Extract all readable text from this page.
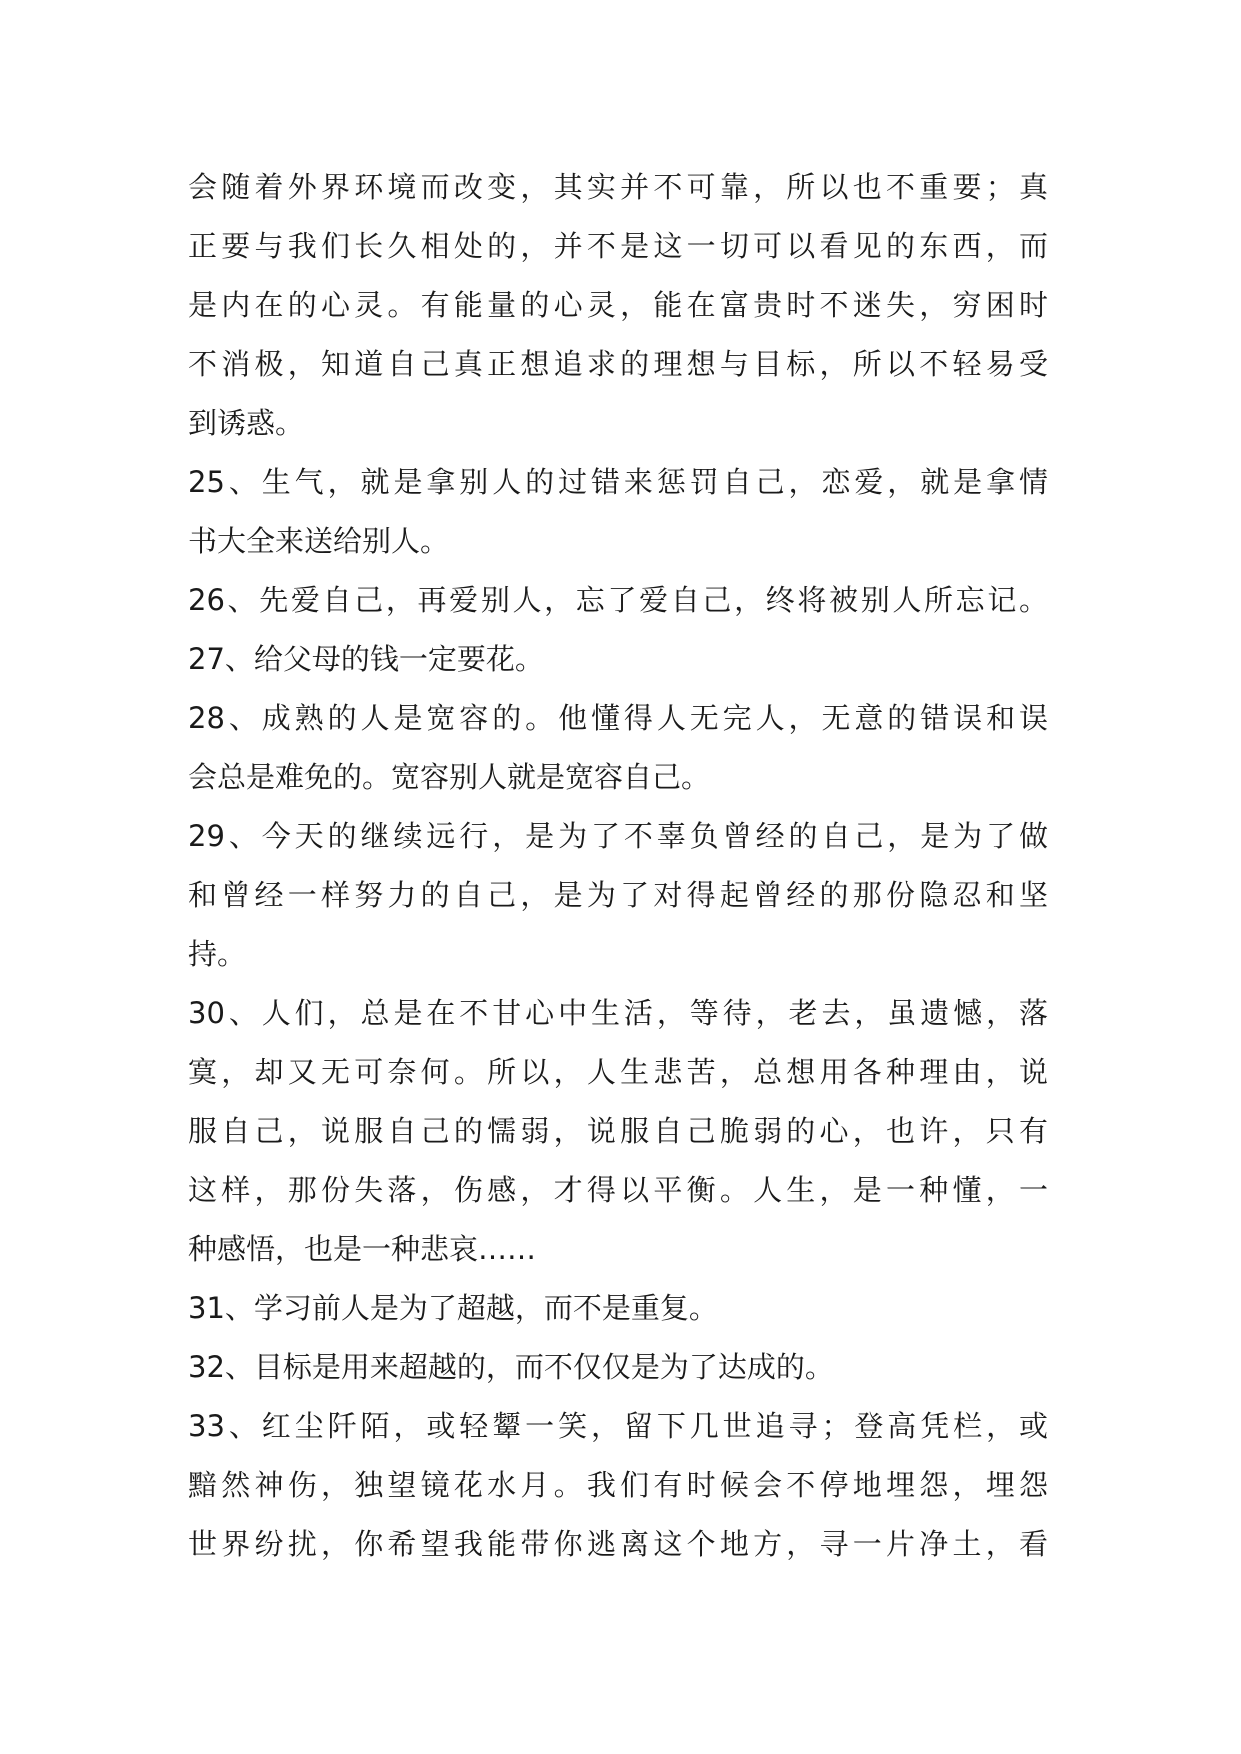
会随着外界环境而改变，其实并不可靠，所以也不重要；真
正要与我们长久相处的，并不是这一切可以看见的东西，而
是内在的心灵。有能量的心灵，能在富贵时不迷失，穷困时
不消极，知道自己真正想追求的理想与目标，所以不轻易受
到诱惑。
25、生气，就是拿别人的过错来惩罚自己，恋爱，就是拿情
书大全来送给别人。
26、先爱自己，再爱别人，忘了爱自己，终将被别人所忘记。
27、给父母的钱一定要花。
28、成熟的人是宽容的。他懂得人无完人，无意的错误和误
会总是难免的。宽容别人就是宽容自己。
29、今天的继续远行，是为了不辜负曾经的自己，是为了做
和曾经一样努力的自己，是为了对得起曾经的那份隐忍和坚
持。
30、人们，总是在不甘心中生活，等待，老去，虽遗憾，落
寞，却又无可奈何。所以，人生悲苦，总想用各种理由，说
服自己，说服自己的懦弱，说服自己脆弱的心，也许，只有
这样，那份失落，伤感，才得以平衡。人生，是一种懂，一
种感悟，也是一种悲哀……
31、学习前人是为了超越，而不是重复。
32、目标是用来超越的，而不仅仅是为了达成的。
33、红尘阡陌，或轻颦一笑，留下几世追寻；登高凭栏，或
黯然神伤，独望镜花水月。我们有时候会不停地埋怨，埋怨
世界纷扰，你希望我能带你逃离这个地方，寻一片净土，看
